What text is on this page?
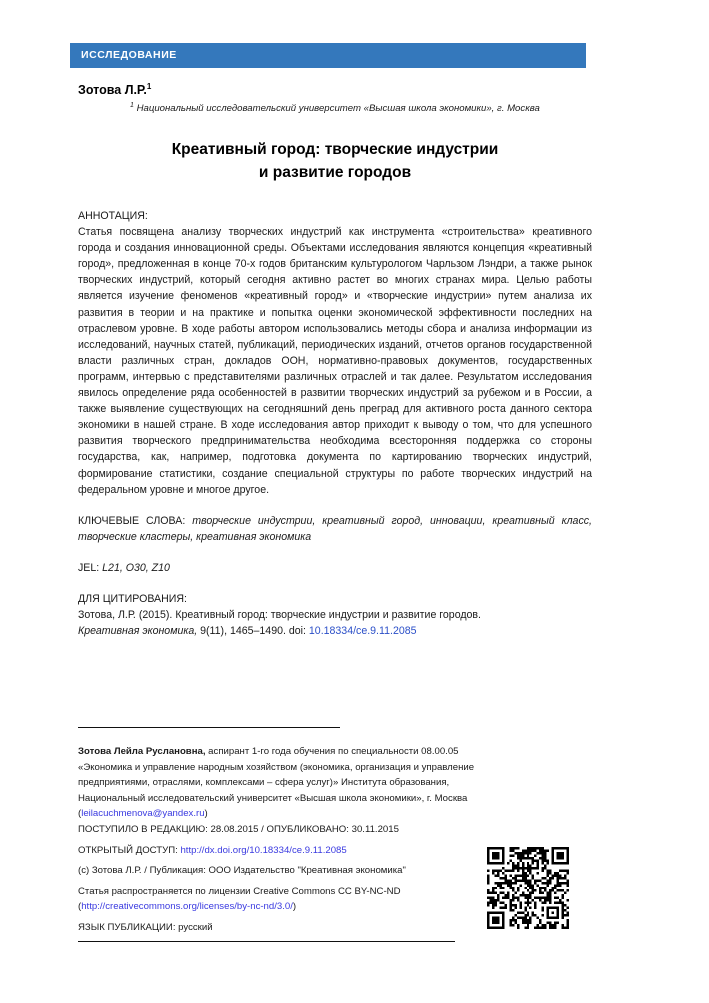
ИССЛЕДОВАНИЕ
Зотова Л.Р.$^1$
$^1$ Национальный исследовательский университет «Высшая школа экономики», г. Москва
Креативный город: творческие индустрии
и развитие городов
АННОТАЦИЯ:

Статья посвящена анализу творческих индустрий как инструмента «строительства» креативного города и создания инновационной среды. Объектами исследования являются концепция «креативный город», предложенная в конце 70-х годов британским культурологом Чарльзом Лэндри, а также рынок творческих индустрий, который сегодня активно растет во многих странах мира. Целью работы является изучение феноменов «креативный город» и «творческие индустрии» путем анализа их развития в теории и на практике и попытка оценки экономической эффективности последних на отраслевом уровне. В ходе работы автором использовались методы сбора и анализа информации из исследований, научных статей, публикаций, периодических изданий, отчетов органов государственной власти различных стран, докладов ООН, нормативно-правовых документов, государственных программ, интервью с представителями различных отраслей и так далее. Результатом исследования явилось определение ряда особенностей в развитии творческих индустрий за рубежом и в России, а также выявление существующих на сегодняшний день преград для активного роста данного сектора экономики в нашей стране. В ходе исследования автор приходит к выводу о том, что для успешного развития творческого предпринимательства необходима всесторонняя поддержка со стороны государства, как, например, подготовка документа по картированию творческих индустрий, формирование статистики, создание специальной структуры по работе творческих индустрий на федеральном уровне и многое другое.

КЛЮЧЕВЫЕ СЛОВА: творческие индустрии, креативный город, инновации, креативный класс, творческие кластеры, креативная экономика
JEL: L21, O30, Z10
ДЛЯ ЦИТИРОВАНИЯ:
Зотова, Л.Р. (2015). Креативный город: творческие индустрии и развитие городов.
Креативная экономика, 9(11), 1465–1490. doi: 10.18334/ce.9.11.2085
Зотова Лейла Руслановна, аспирант 1-го года обучения по специальности 08.00.05 «Экономика и управление народным хозяйством (экономика, организация и управление предприятиями, отраслями, комплексами – сфера услуг)» Института образования, Национальный исследовательский университет «Высшая школа экономики», г. Москва
(leilacuchmenova@yandex.ru)
ПОСТУПИЛО В РЕДАКЦИЮ: 28.08.2015 / ОПУБЛИКОВАНО: 30.11.2015
ОТКРЫТЫЙ ДОСТУП: http://dx.doi.org/10.18334/ce.9.11.2085
(c) Зотова Л.Р. / Публикация: ООО Издательство "Креативная экономика"
Статья распространяется по лицензии Creative Commons CC BY-NC-ND
(http://creativecommons.org/licenses/by-nc-nd/3.0/)
ЯЗЫК ПУБЛИКАЦИИ: русский
